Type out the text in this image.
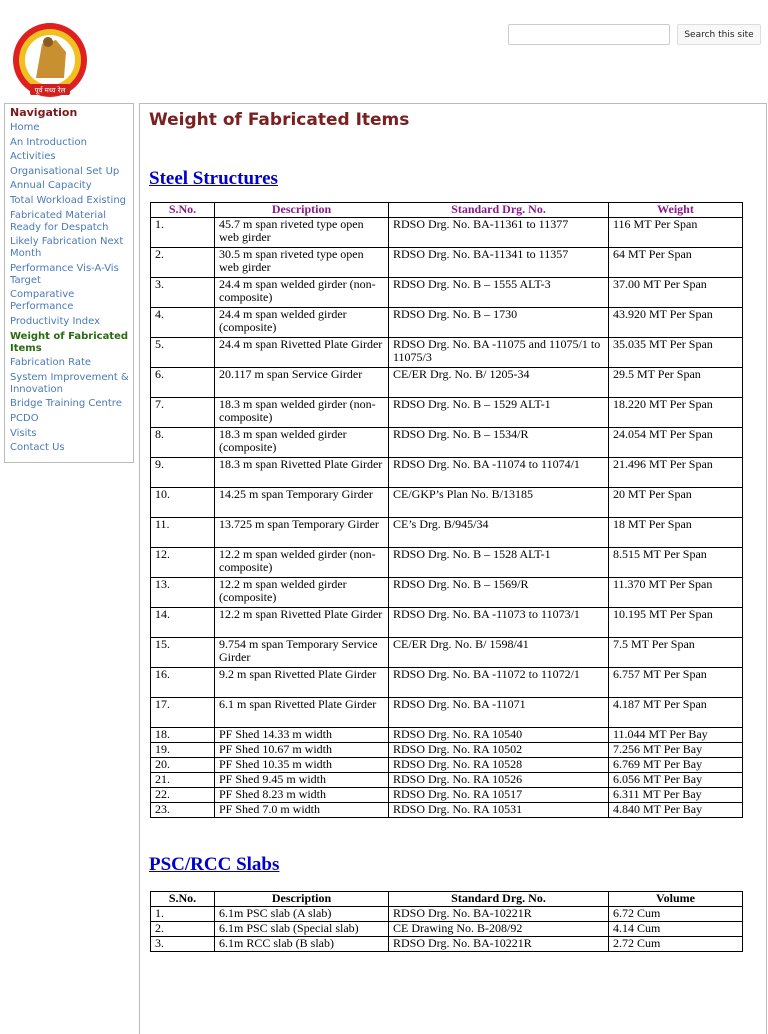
पूर्व मध्य रेल
Search this site
Navigation
Home
An Introduction
Activities
Organisational Set Up
Annual Capacity
Total Workload Existing
Fabricated Material Ready for Despatch
Likely Fabrication Next Month
Performance Vis-A-Vis Target
Comparative Performance
Productivity Index
Weight of Fabricated Items
Fabrication Rate
System Improvement & Innovation
Bridge Training Centre
PCDO
Visits
Contact Us
Weight of Fabricated Items
Steel Structures
S.No.	Description	Standard Drg. No.	Weight
1.	45.7 m span riveted type open web girder	RDSO Drg. No. BA-11361 to 11377	116 MT Per Span
2.	30.5 m span riveted type open web girder	RDSO Drg. No. BA-11341 to 11357	64 MT Per Span
3.	24.4 m span welded girder (non-composite)	RDSO Drg. No. B – 1555 ALT-3	37.00 MT Per Span
4.	24.4 m span welded girder (composite)	RDSO Drg. No. B – 1730	43.920 MT Per Span
5.	24.4 m span Rivetted Plate Girder	RDSO Drg. No. BA -11075 and 11075/1 to 11075/3	35.035 MT Per Span
6.	20.117 m span Service Girder	CE/ER Drg. No. B/ 1205-34	29.5 MT Per Span
7.	18.3 m span welded girder (non-composite)	RDSO Drg. No. B – 1529 ALT-1	18.220 MT Per Span
8.	18.3 m span welded girder (composite)	RDSO Drg. No. B – 1534/R	24.054 MT Per Span
9.	18.3 m span Rivetted Plate Girder	RDSO Drg. No. BA -11074 to 11074/1	21.496 MT Per Span
10.	14.25 m span Temporary Girder	CE/GKP’s Plan No. B/13185	20 MT Per Span
11.	13.725 m span Temporary Girder	CE’s Drg. B/945/34	18 MT Per Span
12.	12.2 m span welded girder (non-composite)	RDSO Drg. No. B – 1528 ALT-1	8.515 MT Per Span
13.	12.2 m span welded girder (composite)	RDSO Drg. No. B – 1569/R	11.370 MT Per Span
14.	12.2 m span Rivetted Plate Girder	RDSO Drg. No. BA -11073 to 11073/1	10.195 MT Per Span
15.	9.754 m span Temporary Service Girder	CE/ER Drg. No. B/ 1598/41	7.5 MT Per Span
16.	9.2 m span Rivetted Plate Girder	RDSO Drg. No. BA -11072 to 11072/1	6.757 MT Per Span
17.	6.1 m span Rivetted Plate Girder	RDSO Drg. No. BA -11071	4.187 MT Per Span
18.	PF Shed 14.33 m width	RDSO Drg. No. RA 10540	11.044 MT Per Bay
19.	PF Shed 10.67 m width	RDSO Drg. No. RA 10502	7.256 MT Per Bay
20.	PF Shed 10.35 m width	RDSO Drg. No. RA 10528	6.769 MT Per Bay
21.	PF Shed 9.45 m width	RDSO Drg. No. RA 10526	6.056 MT Per Bay
22.	PF Shed 8.23 m width	RDSO Drg. No. RA 10517	6.311 MT Per Bay
23.	PF Shed 7.0 m width	RDSO Drg. No. RA 10531	4.840 MT Per Bay
PSC/RCC Slabs
S.No.	Description	Standard Drg. No.	Volume
1.	6.1m PSC slab (A slab)	RDSO Drg. No. BA-10221R	6.72 Cum
2.	6.1m PSC slab (Special slab)	CE Drawing No. B-208/92	4.14 Cum
3.	6.1m RCC slab (B slab)	RDSO Drg. No. BA-10221R	2.72 Cum
